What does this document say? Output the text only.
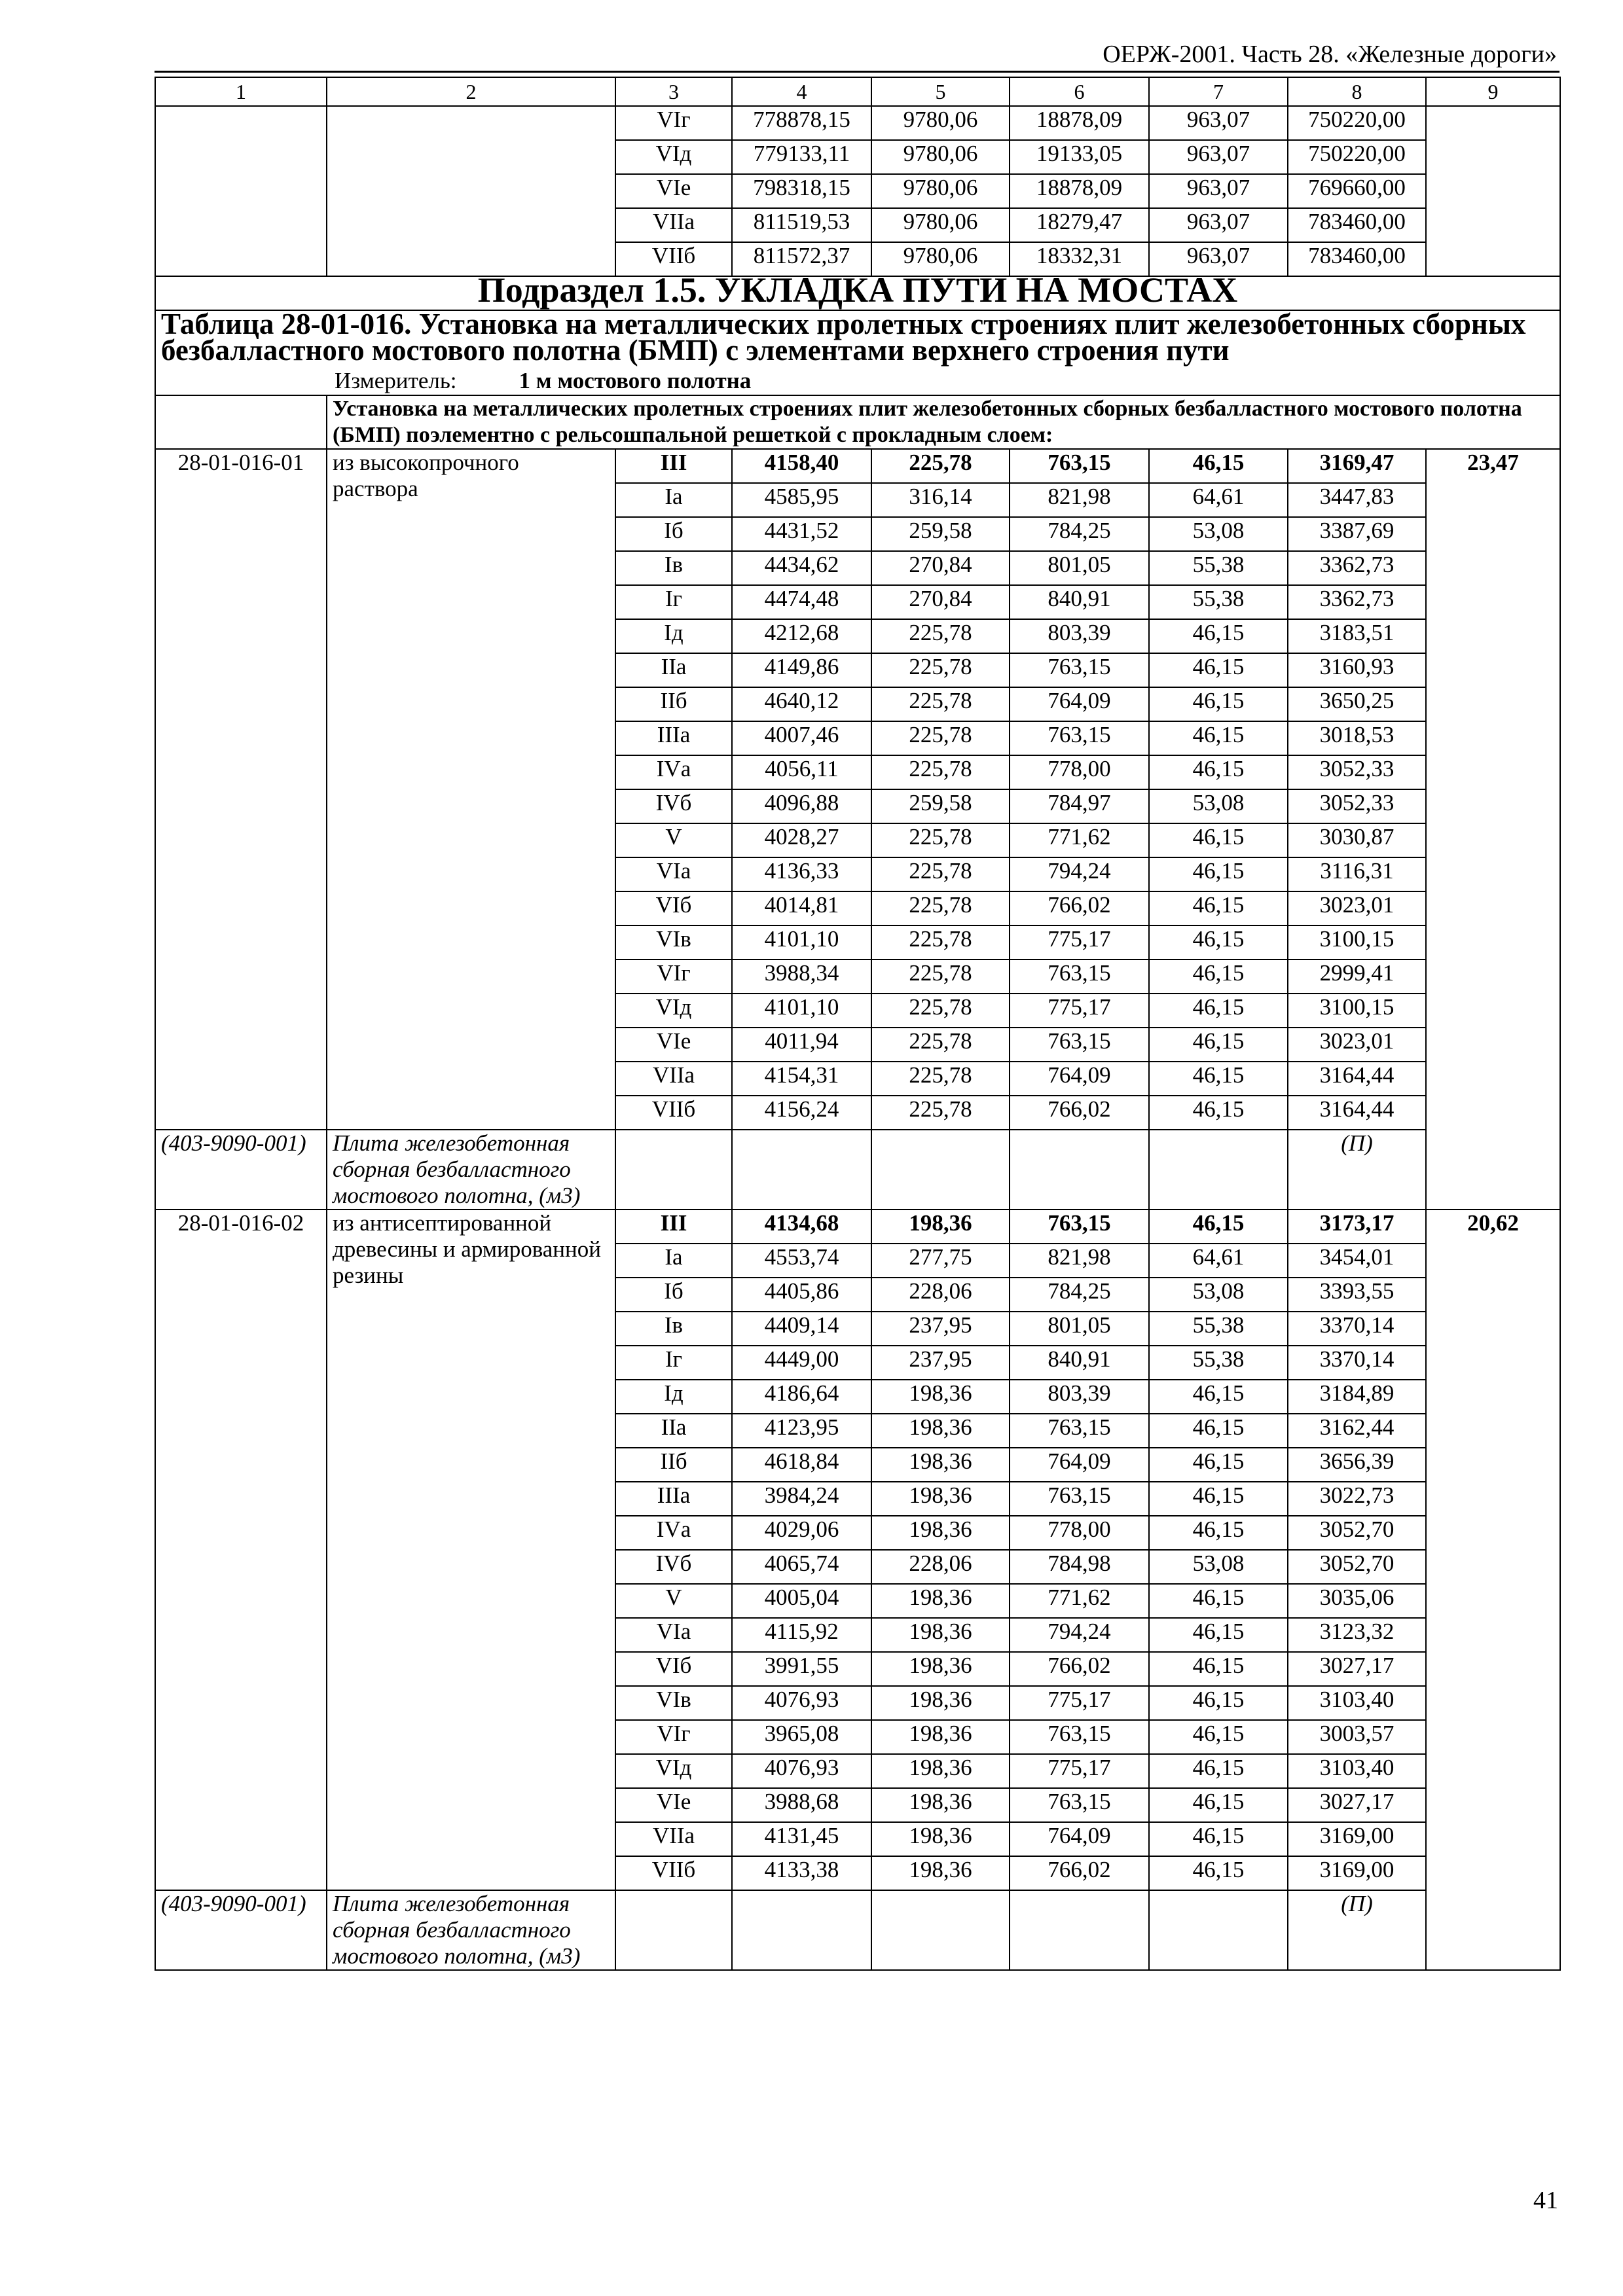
ОЕРЖ-2001. Часть 28. «Железные дороги»
1	2	3	4	5	6	7	8	9
		VIг	778878,15	9780,06	18878,09	963,07	750220,00	
		VIд	779133,11	9780,06	19133,05	963,07	750220,00	
		VIе	798318,15	9780,06	18878,09	963,07	769660,00	
		VIIа	811519,53	9780,06	18279,47	963,07	783460,00	
		VIIб	811572,37	9780,06	18332,31	963,07	783460,00	
Подраздел 1.5. УКЛАДКА ПУТИ НА МОСТАХ								

Таблица 28-01-016. Установка на металлических пролетных строениях плит железобетонных сборных безбалластного мостового полотна (БМП) с элементами верхнего строения пути
Измеритель: 1 м мостового полотна								

	Установка на металлических пролетных строениях плит железобетонных сборных безбалластного мостового полотна (БМП) поэлементно с рельсошпальной решеткой с прокладным слоем:							
28-01-016-01	из высокопрочного раствора	III	4158,40	225,78	763,15	46,15	3169,47	23,47
		Iа	4585,95	316,14	821,98	64,61	3447,83	
		Iб	4431,52	259,58	784,25	53,08	3387,69	
		Iв	4434,62	270,84	801,05	55,38	3362,73	
		Iг	4474,48	270,84	840,91	55,38	3362,73	
		Iд	4212,68	225,78	803,39	46,15	3183,51	
		IIа	4149,86	225,78	763,15	46,15	3160,93	
		IIб	4640,12	225,78	764,09	46,15	3650,25	
		IIIа	4007,46	225,78	763,15	46,15	3018,53	
		IVа	4056,11	225,78	778,00	46,15	3052,33	
		IVб	4096,88	259,58	784,97	53,08	3052,33	
		V	4028,27	225,78	771,62	46,15	3030,87	
		VIа	4136,33	225,78	794,24	46,15	3116,31	
		VIб	4014,81	225,78	766,02	46,15	3023,01	
		VIв	4101,10	225,78	775,17	46,15	3100,15	
		VIг	3988,34	225,78	763,15	46,15	2999,41	
		VIд	4101,10	225,78	775,17	46,15	3100,15	
		VIе	4011,94	225,78	763,15	46,15	3023,01	
		VIIа	4154,31	225,78	764,09	46,15	3164,44	
		VIIб	4156,24	225,78	766,02	46,15	3164,44	
(403-9090-001)	Плита железобетонная сборная безбалластного мостового полотна, (м3)						(П)	
28-01-016-02	из антисептированной древесины и армированной резины	III	4134,68	198,36	763,15	46,15	3173,17	20,62
		Iа	4553,74	277,75	821,98	64,61	3454,01	
		Iб	4405,86	228,06	784,25	53,08	3393,55	
		Iв	4409,14	237,95	801,05	55,38	3370,14	
		Iг	4449,00	237,95	840,91	55,38	3370,14	
		Iд	4186,64	198,36	803,39	46,15	3184,89	
		IIа	4123,95	198,36	763,15	46,15	3162,44	
		IIб	4618,84	198,36	764,09	46,15	3656,39	
		IIIа	3984,24	198,36	763,15	46,15	3022,73	
		IVа	4029,06	198,36	778,00	46,15	3052,70	
		IVб	4065,74	228,06	784,98	53,08	3052,70	
		V	4005,04	198,36	771,62	46,15	3035,06	
		VIа	4115,92	198,36	794,24	46,15	3123,32	
		VIб	3991,55	198,36	766,02	46,15	3027,17	
		VIв	4076,93	198,36	775,17	46,15	3103,40	
		VIг	3965,08	198,36	763,15	46,15	3003,57	
		VIд	4076,93	198,36	775,17	46,15	3103,40	
		VIе	3988,68	198,36	763,15	46,15	3027,17	
		VIIа	4131,45	198,36	764,09	46,15	3169,00	
		VIIб	4133,38	198,36	766,02	46,15	3169,00	
(403-9090-001)	Плита железобетонная сборная безбалластного мостового полотна, (м3)						(П)	
41
